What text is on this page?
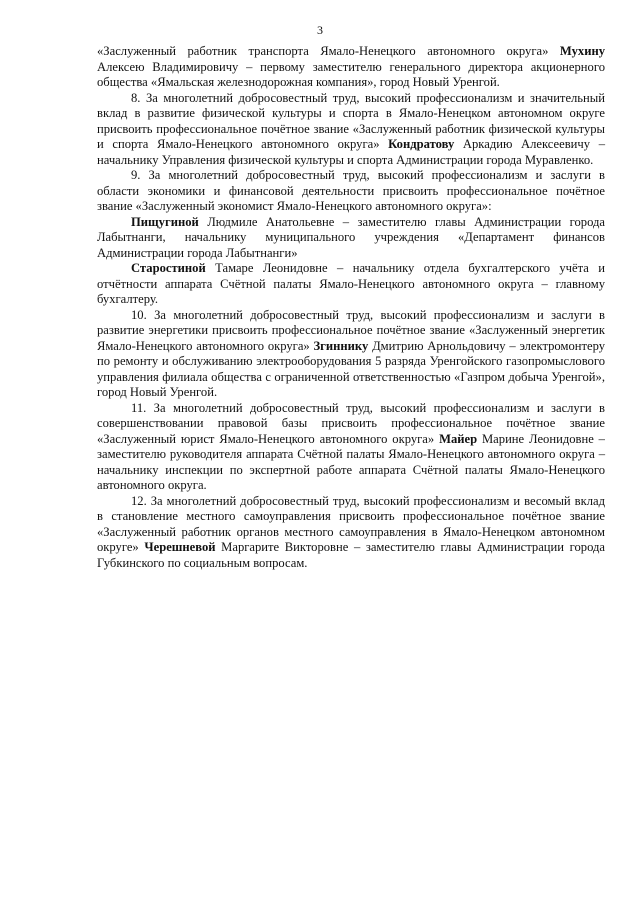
3

«Заслуженный работник транспорта Ямало-Ненецкого автономного округа» Мухину Алексею Владимировичу – первому заместителю генерального директора акционерного общества «Ямальская железнодорожная компания», город Новый Уренгой.

8. За многолетний добросовестный труд, высокий профессионализм и значительный вклад в развитие физической культуры и спорта в Ямало-Ненецком автономном округе присвоить профессиональное почётное звание «Заслуженный работник физической культуры и спорта Ямало-Ненецкого автономного округа» Кондратову Аркадию Алексеевичу – начальнику Управления физической культуры и спорта Администрации города Муравленко.

9. За многолетний добросовестный труд, высокий профессионализм и заслуги в области экономики и финансовой деятельности присвоить профессиональное почётное звание «Заслуженный экономист Ямало-Ненецкого автономного округа»:

Пищугиной Людмиле Анатольевне – заместителю главы Администрации города Лабытнанги, начальнику муниципального учреждения «Департамент финансов Администрации города Лабытнанги»

Старостиной Тамаре Леонидовне – начальнику отдела бухгалтерского учёта и отчётности аппарата Счётной палаты Ямало-Ненецкого автономного округа – главному бухгалтеру.

10. За многолетний добросовестный труд, высокий профессионализм и заслуги в развитие энергетики присвоить профессиональное почётное звание «Заслуженный энергетик Ямало-Ненецкого автономного округа» Згиннику Дмитрию Арнольдовичу – электромонтеру по ремонту и обслуживанию электрооборудования 5 разряда Уренгойского газопромыслового управления филиала общества с ограниченной ответственностью «Газпром добыча Уренгой», город Новый Уренгой.

11. За многолетний добросовестный труд, высокий профессионализм и заслуги в совершенствовании правовой базы присвоить профессиональное почётное звание «Заслуженный юрист Ямало-Ненецкого автономного округа» Майер Марине Леонидовне – заместителю руководителя аппарата Счётной палаты Ямало-Ненецкого автономного округа – начальнику инспекции по экспертной работе аппарата Счётной палаты Ямало-Ненецкого автономного округа.

12. За многолетний добросовестный труд, высокий профессионализм и весомый вклад в становление местного самоуправления присвоить профессиональное почётное звание «Заслуженный работник органов местного самоуправления в Ямало-Ненецком автономном округе» Черешневой Маргарите Викторовне – заместителю главы Администрации города Губкинского по социальным вопросам.
